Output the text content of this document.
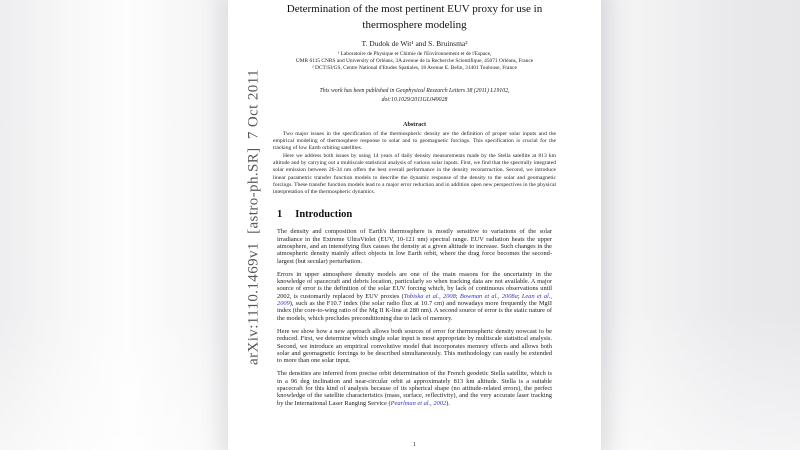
arXiv:1110.1469v1  [astro-ph.SR]  7 Oct 2011
Determination of the most pertinent EUV proxy for use in
thermosphere modeling
T. Dudok de Wit¹ and S. Bruinsma²
¹ Laboratoire de Physique et Chimie de l'Environnement et de l'Espace,
UMR 6115 CNRS and University of Orléans, 3A avenue de la Recherche Scientifique, 45071 Orléans, France
² DCT/SI/GS, Centre National d'Etudes Spatiales, 18 Avenue E. Belin, 31401 Toulouse, France
This work has been published in Geophysical Research Letters 38 (2011) L19102,
doi:10.1029/2011GL049028
Abstract

Two major issues in the specification of the thermospheric density are the definition of proper solar inputs and the empirical modeling of thermosphere response to solar and to geomagnetic forcings. This specification is crucial for the tracking of low Earth orbiting satellites.

Here we address both issues by using 14 years of daily density measurements made by the Stella satellite at 813 km altitude and by carrying out a multiscale statistical analysis of various solar inputs. First, we find that the spectrally integrated solar emission between 26-34 nm offers the best overall performance in the density reconstruction. Second, we introduce linear parametric transfer function models to describe the dynamic response of the density to the solar and geomagnetic forcings. These transfer function models lead to a major error reduction and in addition open new perspectives in the physical interpretation of the thermospheric dynamics.

1 Introduction

The density and composition of Earth's thermosphere is mostly sensitive to variations of the solar irradiance in the Extreme UltraViolet (EUV, 10-121 nm) spectral range. EUV radiation heats the upper atmosphere, and an intensifying flux causes the density at a given altitude to increase. Such changes in the atmospheric density mainly affect objects in low Earth orbit, where the drag force becomes the second-largest (but secular) perturbation.

Errors in upper atmosphere density models are one of the main reasons for the uncertainty in the knowledge of spacecraft and debris location, particularly so when tracking data are not available. A major source of error is the definition of the solar EUV forcing which, by lack of continuous observations until 2002, is customarily replaced by EUV proxies (Tobiska et al., 2008; Bowman et al., 2008a; Lean et al., 2009), such as the F10.7 index (the solar radio flux at 10.7 cm) and nowadays more frequently the MgII index (the core-to-wing ratio of the Mg II K-line at 280 nm). A second source of error is the static nature of the models, which precludes preconditioning due to lack of memory.

Here we show how a new approach allows both sources of error for thermospheric density nowcast to be reduced. First, we determine which single solar input is most appropriate by multiscale statistical analysis. Second, we introduce an empirical convolutive model that incorporates memory effects and allows both solar and geomagnetic forcings to be described simultaneously. This methodology can easily be extended to more than one solar input.

The densities are inferred from precise orbit determination of the French geodetic Stella satellite, which is in a 96 deg inclination and near-circular orbit at approximately 813 km altitude. Stella is a suitable spacecraft for this kind of analysis because of its spherical shape (no attitude-related errors), the perfect knowledge of the satellite characteristics (mass, surface, reflectivity), and the very accurate laser tracking by the International Laser Ranging Service (Pearlman et al., 2002).

1
